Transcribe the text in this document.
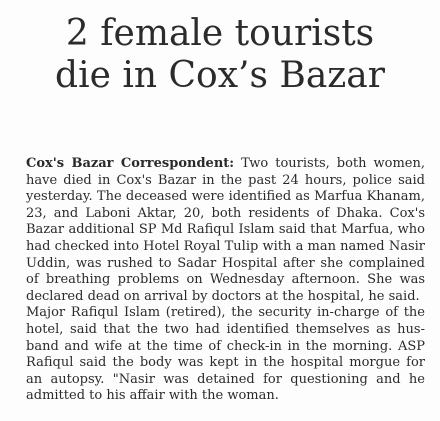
2 female tourists
die in Cox’s Bazar

Cox's Bazar Correspondent: Two tourists, both women, have died in Cox's Bazar in the past 24 hours, police said yesterday. The deceased were identified as Marfua Khanam, 23, and Laboni Aktar, 20, both residents of Dhaka. Cox's Bazar additional SP Md Rafiqul Islam said that Marfua, who had checked into Hotel Royal Tulip with a man named Nasir Uddin, was rushed to Sadar Hospital after she complained of breathing problems on Wednesday afternoon. She was declared dead on arrival by doctors at the hospital, he said.

Major Rafiqul Islam (retired), the security in-charge of the hotel, said that the two had identified themselves as hus-band and wife at the time of check-in in the morning. ASP Rafiqul said the body was kept in the hospital morgue for an autopsy. "Nasir was detained for questioning and he admitted to his affair with the woman.
